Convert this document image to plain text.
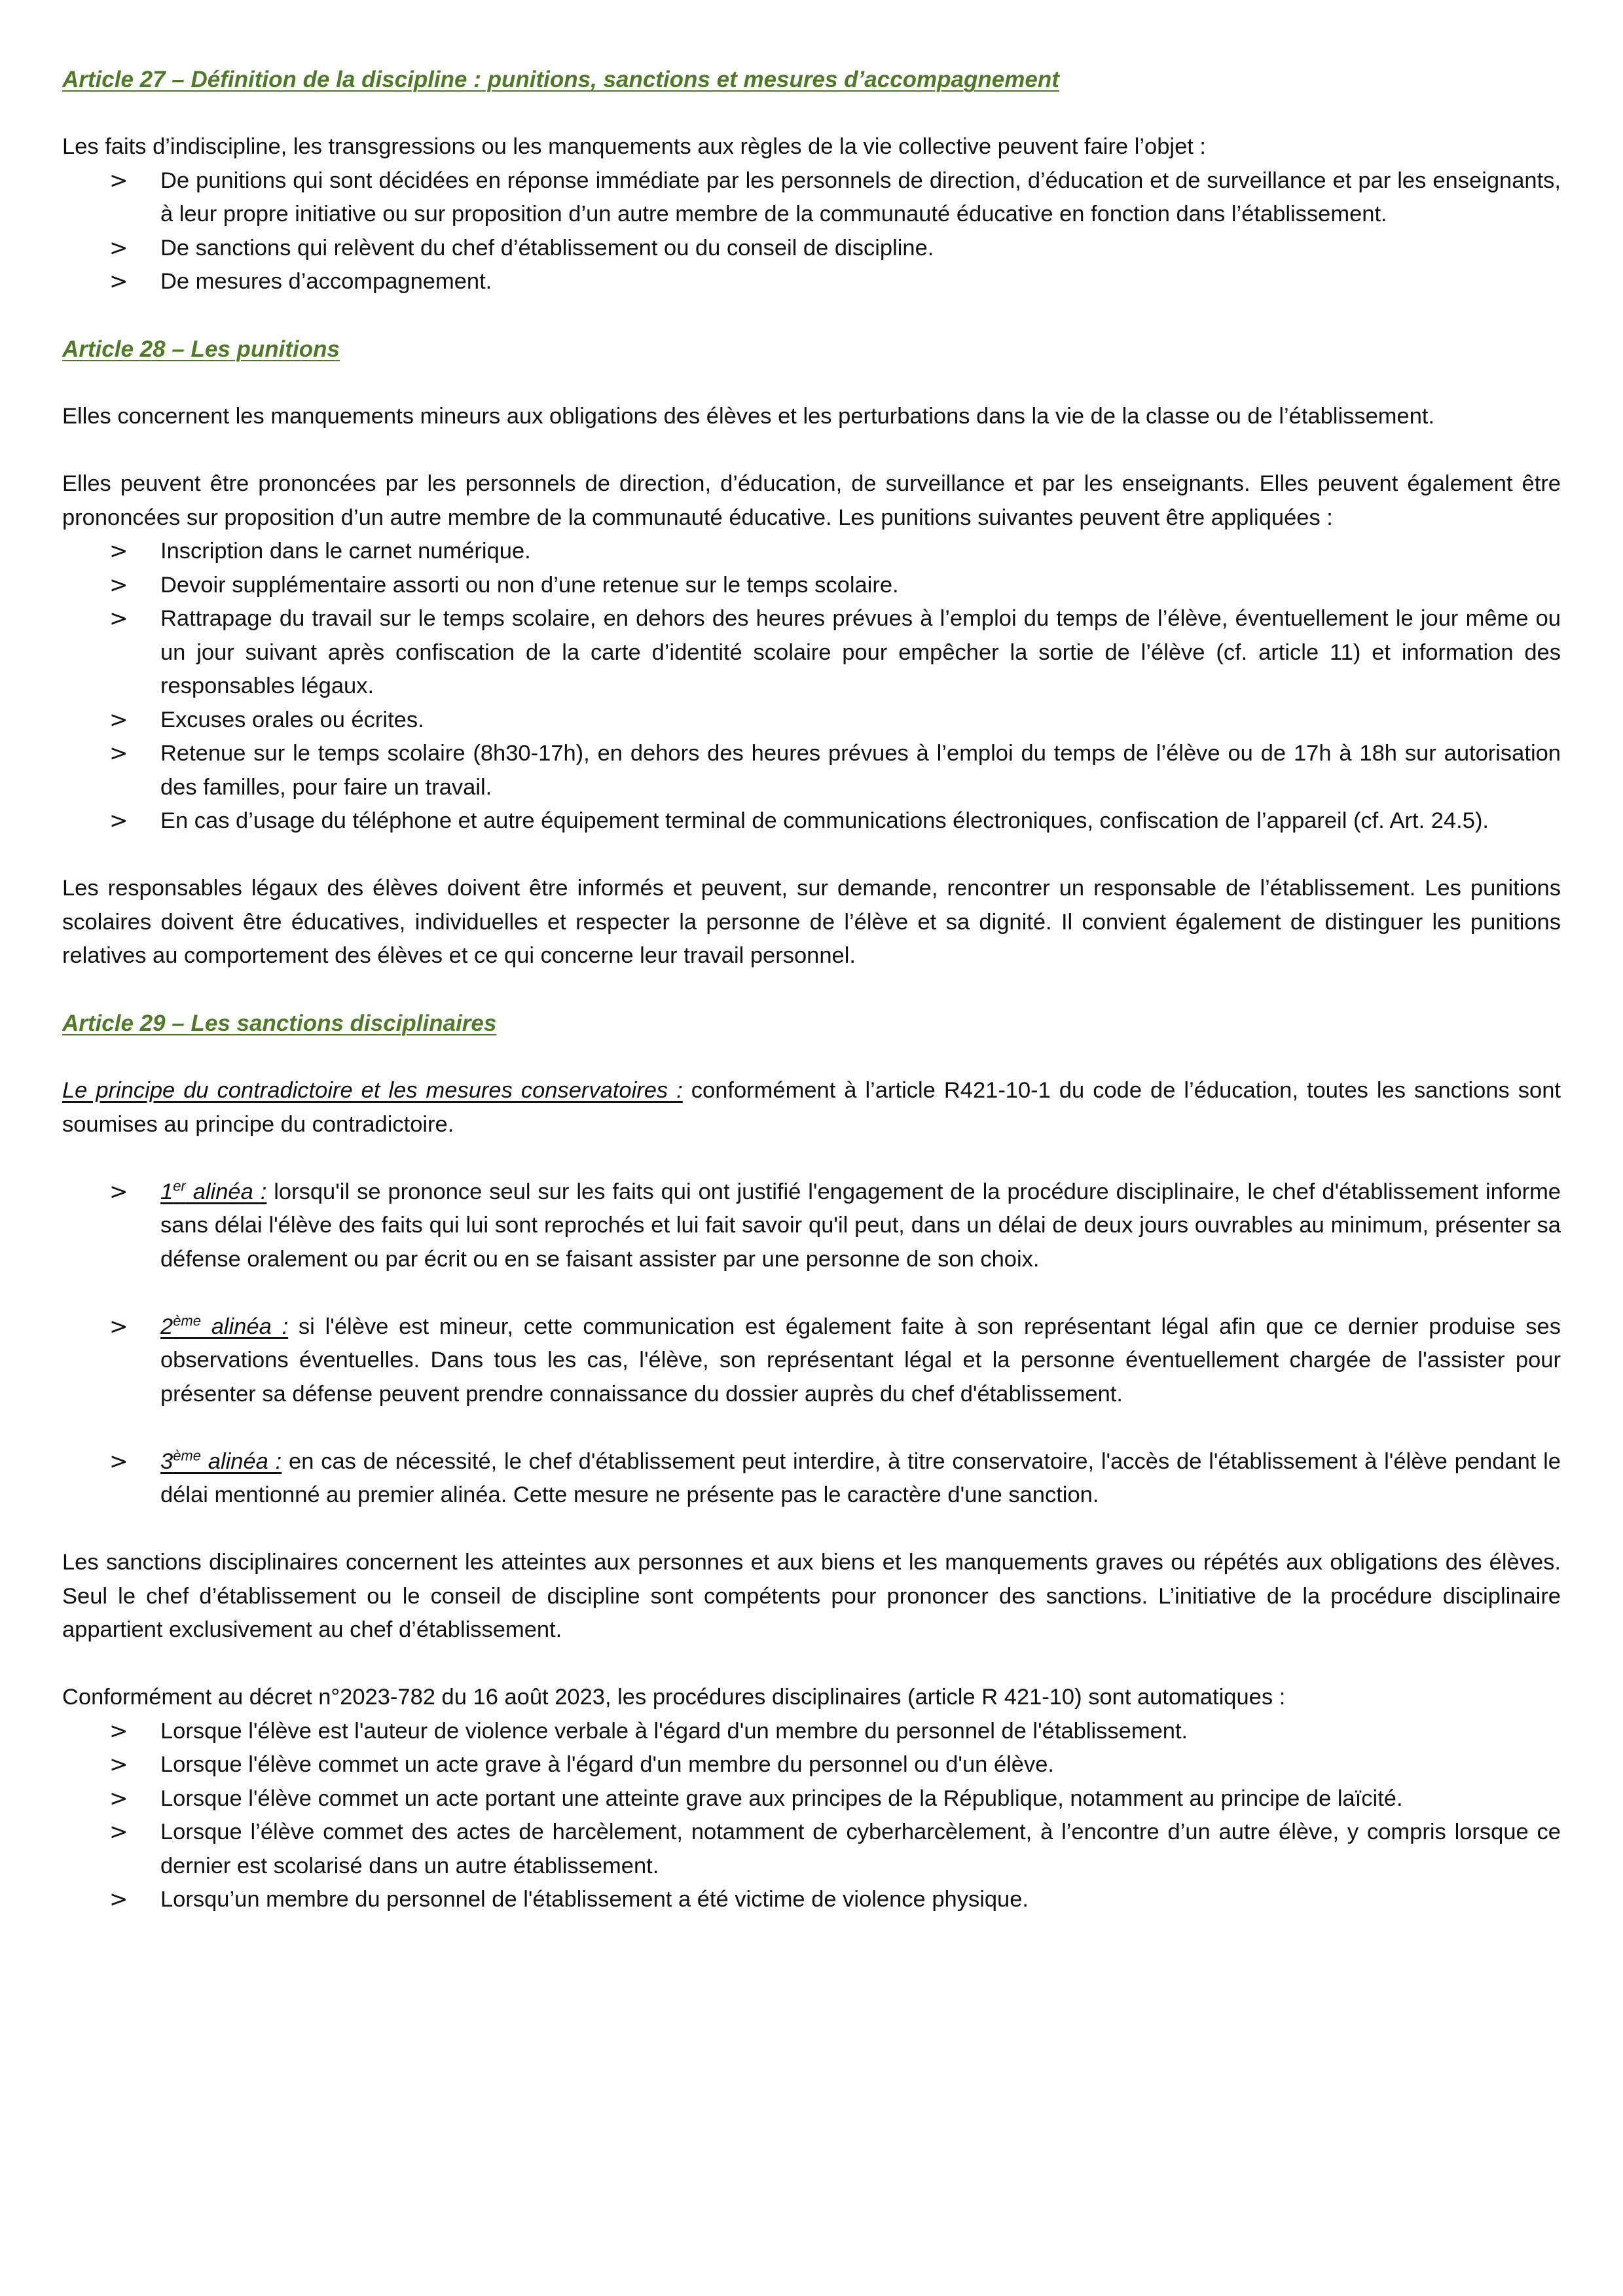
Article 27 – Définition de la discipline : punitions, sanctions et mesures d’accompagnement

Les faits d’indiscipline, les transgressions ou les manquements aux règles de la vie collective peuvent faire l’objet :

>	De punitions qui sont décidées en réponse immédiate par les personnels de direction, d’éducation et de surveillance et par les enseignants, à leur propre initiative ou sur proposition d’un autre membre de la communauté éducative en fonction dans l’établissement.
>	De sanctions qui relèvent du chef d’établissement ou du conseil de discipline.
>	De mesures d’accompagnement.
Article 28 – Les punitions

Elles concernent les manquements mineurs aux obligations des élèves et les perturbations dans la vie de la classe ou de l’établissement.

Elles peuvent être prononcées par les personnels de direction, d’éducation, de surveillance et par les enseignants. Elles peuvent également être prononcées sur proposition d’un autre membre de la communauté éducative. Les punitions suivantes peuvent être appliquées :

>	Inscription dans le carnet numérique.
>	Devoir supplémentaire assorti ou non d’une retenue sur le temps scolaire.
>	Rattrapage du travail sur le temps scolaire, en dehors des heures prévues à l’emploi du temps de l’élève, éventuellement le jour même ou un jour suivant après confiscation de la carte d’identité scolaire pour empêcher la sortie de l’élève (cf. article 11) et information des responsables légaux.
>	Excuses orales ou écrites.
>	Retenue sur le temps scolaire (8h30-17h), en dehors des heures prévues à l’emploi du temps de l’élève ou de 17h à 18h sur autorisation des familles, pour faire un travail.
>	En cas d’usage du téléphone et autre équipement terminal de communications électroniques, confiscation de l’appareil (cf. Art. 24.5).

Les responsables légaux des élèves doivent être informés et peuvent, sur demande, rencontrer un responsable de l’établissement. Les punitions scolaires doivent être éducatives, individuelles et respecter la personne de l’élève et sa dignité. Il convient également de distinguer les punitions relatives au comportement des élèves et ce qui concerne leur travail personnel.

Article 29 – Les sanctions disciplinaires

Le principe du contradictoire et les mesures conservatoires : conformément à l’article R421-10-1 du code de l’éducation, toutes les sanctions sont soumises au principe du contradictoire.

>	1er alinéa : lorsqu'il se prononce seul sur les faits qui ont justifié l'engagement de la procédure disciplinaire, le chef d'établissement informe sans délai l'élève des faits qui lui sont reprochés et lui fait savoir qu'il peut, dans un délai de deux jours ouvrables au minimum, présenter sa défense oralement ou par écrit ou en se faisant assister par une personne de son choix.
>	2ème alinéa : si l'élève est mineur, cette communication est également faite à son représentant légal afin que ce dernier produise ses observations éventuelles. Dans tous les cas, l'élève, son représentant légal et la personne éventuellement chargée de l'assister pour présenter sa défense peuvent prendre connaissance du dossier auprès du chef d'établissement.
>	3ème alinéa : en cas de nécessité, le chef d'établissement peut interdire, à titre conservatoire, l'accès de l'établissement à l'élève pendant le délai mentionné au premier alinéa. Cette mesure ne présente pas le caractère d'une sanction.

Les sanctions disciplinaires concernent les atteintes aux personnes et aux biens et les manquements graves ou répétés aux obligations des élèves. Seul le chef d’établissement ou le conseil de discipline sont compétents pour prononcer des sanctions. L’initiative de la procédure disciplinaire appartient exclusivement au chef d’établissement.

Conformément au décret n°2023-782 du 16 août 2023, les procédures disciplinaires (article R 421-10) sont automatiques :

>	Lorsque l'élève est l'auteur de violence verbale à l'égard d'un membre du personnel de l'établissement.
>	Lorsque l'élève commet un acte grave à l'égard d'un membre du personnel ou d'un élève.
>	Lorsque l'élève commet un acte portant une atteinte grave aux principes de la République, notamment au principe de laïcité.
>	Lorsque l’élève commet des actes de harcèlement, notamment de cyberharcèlement, à l’encontre d’un autre élève, y compris lorsque ce dernier est scolarisé dans un autre établissement.
>	Lorsqu’un membre du personnel de l'établissement a été victime de violence physique.
